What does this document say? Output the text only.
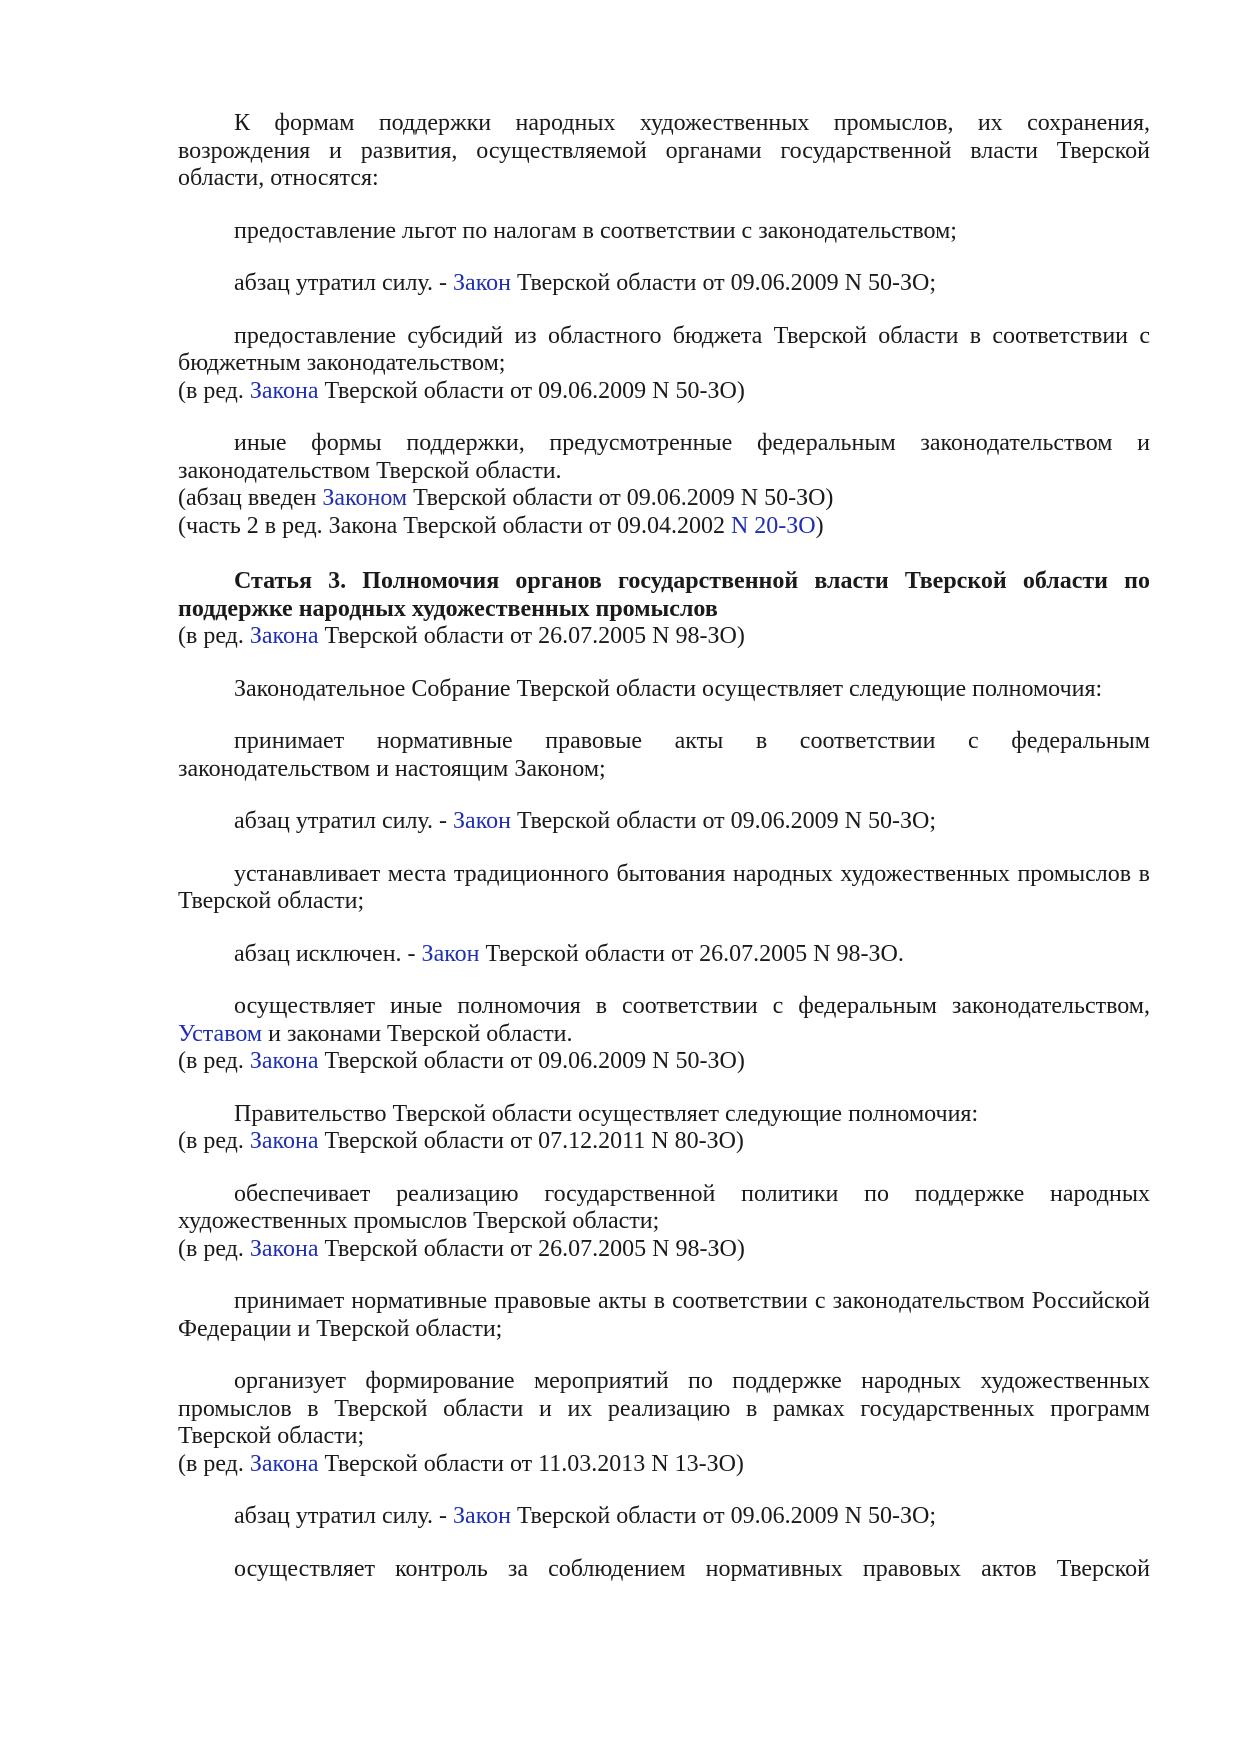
К формам поддержки народных художественных промыслов, их сохранения, возрождения и развития, осуществляемой органами государственной власти Тверской области, относятся:

предоставление льгот по налогам в соответствии с законодательством;

абзац утратил силу. - Закон Тверской области от 09.06.2009 N 50-ЗО;

предоставление субсидий из областного бюджета Тверской области в соответствии с бюджетным законодательством;

(в ред. Закона Тверской области от 09.06.2009 N 50-ЗО)

иные формы поддержки, предусмотренные федеральным законодательством и законодательством Тверской области.

(абзац введен Законом Тверской области от 09.06.2009 N 50-ЗО)

(часть 2 в ред. Закона Тверской области от 09.04.2002 N 20-ЗО)

Статья 3. Полномочия органов государственной власти Тверской области по поддержке народных художественных промыслов

(в ред. Закона Тверской области от 26.07.2005 N 98-ЗО)

Законодательное Собрание Тверской области осуществляет следующие полномочия:

принимает нормативные правовые акты в соответствии с федеральным законодательством и настоящим Законом;

абзац утратил силу. - Закон Тверской области от 09.06.2009 N 50-ЗО;

устанавливает места традиционного бытования народных художественных промыслов в Тверской области;

абзац исключен. - Закон Тверской области от 26.07.2005 N 98-ЗО.

осуществляет иные полномочия в соответствии с федеральным законодательством, Уставом и законами Тверской области.

(в ред. Закона Тверской области от 09.06.2009 N 50-ЗО)

Правительство Тверской области осуществляет следующие полномочия:

(в ред. Закона Тверской области от 07.12.2011 N 80-ЗО)

обеспечивает реализацию государственной политики по поддержке народных художественных промыслов Тверской области;

(в ред. Закона Тверской области от 26.07.2005 N 98-ЗО)

принимает нормативные правовые акты в соответствии с законодательством Российской Федерации и Тверской области;

организует формирование мероприятий по поддержке народных художественных промыслов в Тверской области и их реализацию в рамках государственных программ Тверской области;

(в ред. Закона Тверской области от 11.03.2013 N 13-ЗО)

абзац утратил силу. - Закон Тверской области от 09.06.2009 N 50-ЗО;

осуществляет контроль за соблюдением нормативных правовых актов Тверской
